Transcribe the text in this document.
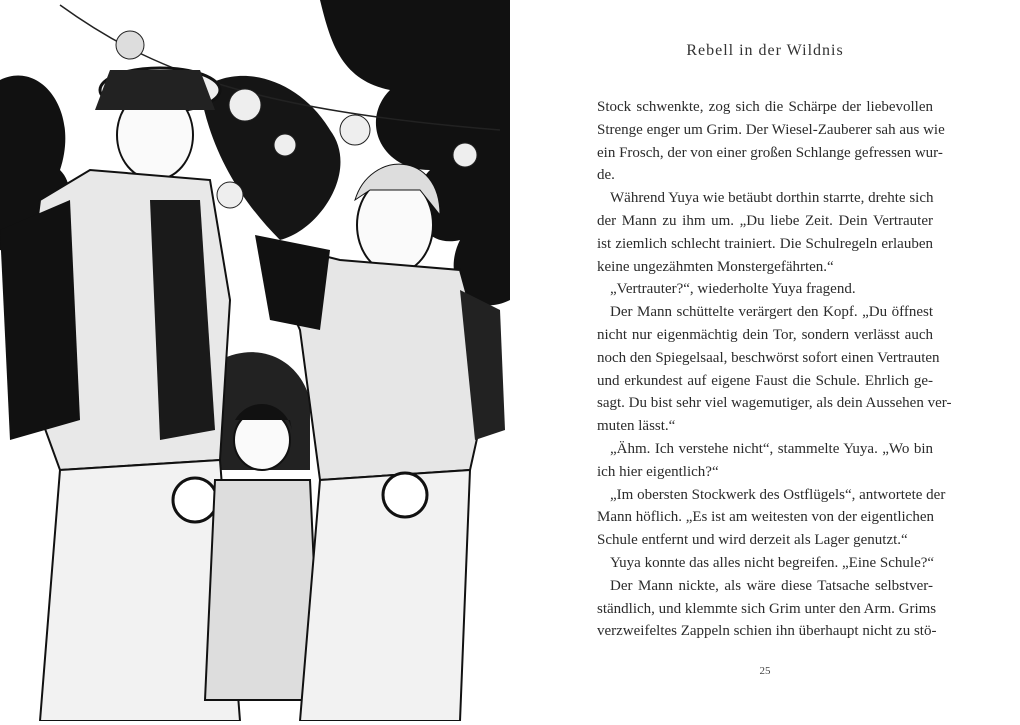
Rebell in der Wildnis
Stock schwenkte, zog sich die Schärpe der liebevollen
Strenge enger um Grim. Der Wiesel-Zauberer sah aus wie
ein Frosch, der von einer großen Schlange gefressen wur-
de.
Während Yuya wie betäubt dorthin starrte, drehte sich
der Mann zu ihm um. „Du liebe Zeit. Dein Vertrauter
ist ziemlich schlecht trainiert. Die Schulregeln erlauben
keine ungezähmten Monstergefährten.“
„Vertrauter?“, wiederholte Yuya fragend.
Der Mann schüttelte verärgert den Kopf. „Du öffnest
nicht nur eigenmächtig dein Tor, sondern verlässt auch
noch den Spiegelsaal, beschwörst sofort einen Vertrauten
und erkundest auf eigene Faust die Schule. Ehrlich ge-
sagt. Du bist sehr viel wagemutiger, als dein Aussehen ver-
muten lässt.“
„Ähm. Ich verstehe nicht“, stammelte Yuya. „Wo bin
ich hier eigentlich?“
„Im obersten Stockwerk des Ostflügels“, antwortete der
Mann höflich. „Es ist am weitesten von der eigentlichen
Schule entfernt und wird derzeit als Lager genutzt.“
Yuya konnte das alles nicht begreifen. „Eine Schule?“
Der Mann nickte, als wäre diese Tatsache selbstver-
ständlich, und klemmte sich Grim unter den Arm. Grims
verzweifeltes Zappeln schien ihn überhaupt nicht zu stö-
25
